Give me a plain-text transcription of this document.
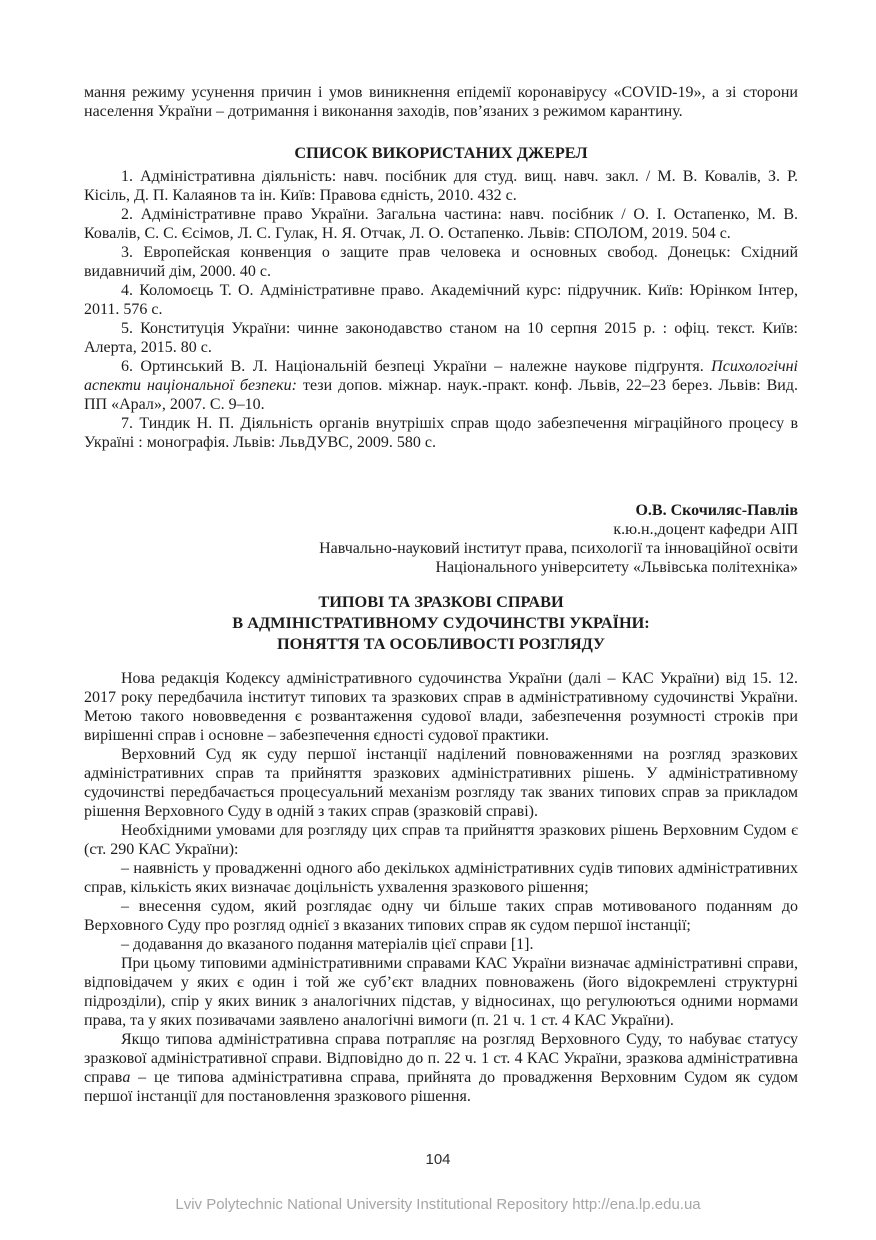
мання режиму усунення причин і умов виникнення епідемії коронавірусу «COVID-19», а зі сторони населення України – дотримання і виконання заходів, пов’язаних з режимом карантину.

СПИСОК ВИКОРИСТАНИХ ДЖЕРЕЛ

1. Адміністративна діяльність: навч. посібник для студ. вищ. навч. закл. / М. В. Ковалів, З. Р. Кісіль, Д. П. Калаянов та ін. Київ: Правова єдність, 2010. 432 с.

2. Адміністративне право України. Загальна частина: навч. посібник / О. І. Остапенко, М. В. Ковалів, С. С. Єсімов, Л. С. Гулак, Н. Я. Отчак, Л. О. Остапенко. Львів: СПОЛОМ, 2019. 504 с.

3. Европейская конвенция о защите прав человека и основных свобод. Донецьк: Східний видавничий дім, 2000. 40 с.

4. Коломоєць Т. О. Адміністративне право. Академічний курс: підручник. Київ: Юрінком Інтер, 2011. 576 с.

5. Конституція України: чинне законодавство станом на 10 серпня 2015 р. : офіц. текст. Київ: Алерта, 2015. 80 с.

6. Ортинський В. Л. Національній безпеці України – належне наукове підґрунтя. Психологічні аспекти національної безпеки: тези допов. міжнар. наук.-практ. конф. Львів, 22–23 берез. Львів: Вид. ПП «Арал», 2007. С. 9–10.

7. Тиндик Н. П. Діяльність органів внутрішіх справ щодо забезпечення міграційного процесу в Україні : монографія. Львів: ЛьвДУВС, 2009. 580 с.

О.В. Скочиляс-Павлів
к.ю.н.,доцент кафедри АІП
Навчально-науковий інститут права, психології та інноваційної освіти
Національного університету «Львівська політехніка»
ТИПОВІ ТА ЗРАЗКОВІ СПРАВИ
В АДМІНІСТРАТИВНОМУ СУДОЧИНСТВІ УКРАЇНИ:
ПОНЯТТЯ ТА ОСОБЛИВОСТІ РОЗГЛЯДУ

Нова редакція Кодексу адміністративного судочинства України (далі – КАС України) від 15. 12. 2017 року передбачила інститут типових та зразкових справ в адміністративному судочинстві України. Метою такого нововведення є розвантаження судової влади, забезпечення розумності строків при вирішенні справ і основне – забезпечення єдності судової практики.

Верховний Суд як суду першої інстанції наділений повноваженнями на розгляд зразкових адміністративних справ та прийняття зразкових адміністративних рішень. У адміністративному судочинстві передбачається процесуальний механізм розгляду так званих типових справ за прикладом рішення Верховного Суду в одній з таких справ (зразковій справі).

Необхідними умовами для розгляду цих справ та прийняття зразкових рішень Верховним Судом є (ст. 290 КАС України):

– наявність у провадженні одного або декількох адміністративних судів типових адміністративних справ, кількість яких визначає доцільність ухвалення зразкового рішення;

– внесення судом, який розглядає одну чи більше таких справ мотивованого поданням до Верховного Суду про розгляд однієї з вказаних типових справ як судом першої інстанції;

– додавання до вказаного подання матеріалів цієї справи [1].

При цьому типовими адміністративними справами КАС України визначає адміністративні справи, відповідачем у яких є один і той же суб’єкт владних повноважень (його відокремлені структурні підрозділи), спір у яких виник з аналогічних підстав, у відносинах, що регулюються одними нормами права, та у яких позивачами заявлено аналогічні вимоги (п. 21 ч. 1 ст. 4 КАС України).

Якщо типова адміністративна справа потрапляє на розгляд Верховного Суду, то набуває статусу зразкової адміністративної справи. Відповідно до п. 22 ч. 1 ст. 4 КАС України, зразкова адміністративна справа – це типова адміністративна справа, прийнята до провадження Верховним Судом як судом першої інстанції для постановлення зразкового рішення.

104
Lviv Polytechnic National University Institutional Repository http://ena.lp.edu.ua
